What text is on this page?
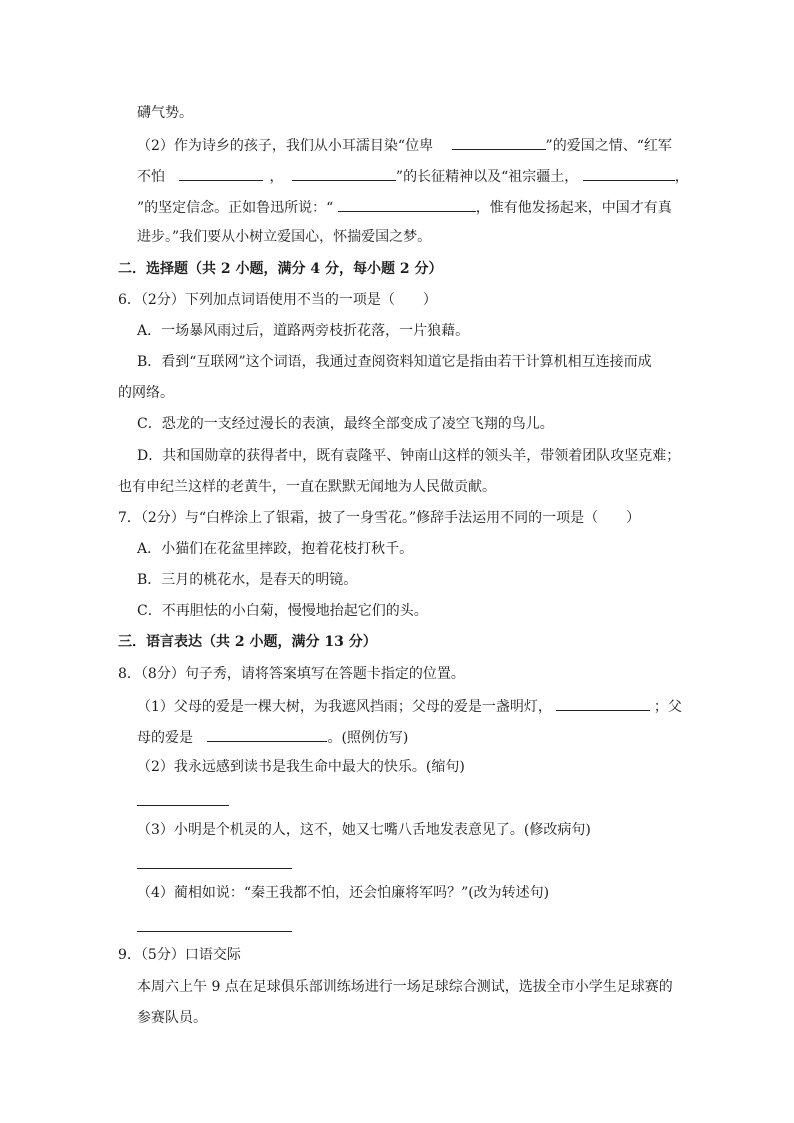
礴气势。
（2）作为诗乡的孩子，我们从小耳濡目染“位卑	”的爱国之情、“红军
不怕	，	”的长征精神以及“祖宗疆土，	，
”的坚定信念。正如鲁迅所说：“	，惟有他发扬起来，中国才有真
进步。”我们要从小树立爱国心，怀揣爱国之梦。
二．选择题（共 2 小题，满分 4 分，每小题 2 分）
6．（2分）下列加点词语使用不当的一项是（　　）
A．一场暴风雨过后，道路两旁枝折花落，一片狼藉。
B．看到“互联网”这个词语，我通过查阅资料知道它是指由若干计算机相互连接而成
的网络。
C．恐龙的一支经过漫长的表演，最终全部变成了凌空飞翔的鸟儿。
D．共和国勋章的获得者中，既有袁隆平、钟南山这样的领头羊，带领着团队攻坚克难；
也有申纪兰这样的老黄牛，一直在默默无闻地为人民做贡献。
7．（2分）与“白桦涂上了银霜，披了一身雪花。”修辞手法运用不同的一项是（　　）
A．小猫们在花盆里摔跤，抱着花枝打秋千。
B．三月的桃花水，是春天的明镜。
C．不再胆怯的小白菊，慢慢地抬起它们的头。
三．语言表达（共 2 小题，满分 13 分）
8．（8分）句子秀，请将答案填写在答题卡指定的位置。
（1）父母的爱是一棵大树，为我遮风挡雨；父母的爱是一盏明灯，	；父
母的爱是	。(照例仿写)
（2）我永远感到读书是我生命中最大的快乐。(缩句)
（3）小明是个机灵的人，这不，她又七嘴八舌地发表意见了。(修改病句)
（4）蔺相如说：“秦王我都不怕，还会怕廉将军吗？”(改为转述句)
9．（5分）口语交际
本周六上午 9 点在足球俱乐部训练场进行一场足球综合测试，选拔全市小学生足球赛的
参赛队员。
